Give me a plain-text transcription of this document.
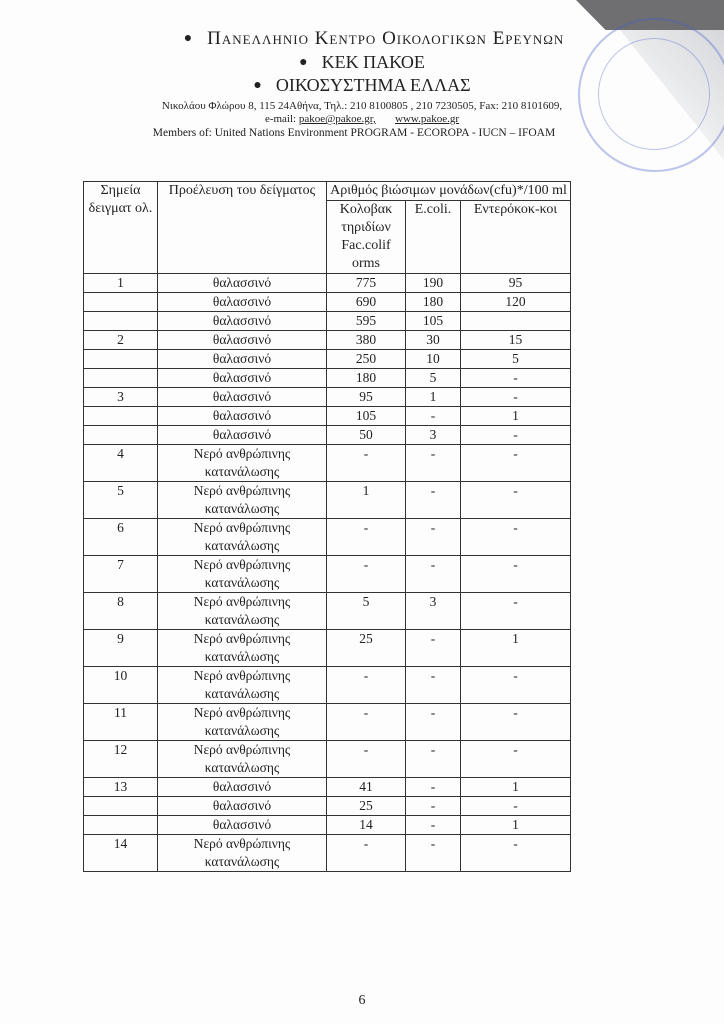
● Πανελληνιο Κεντρο Οικολογικων Ερευνων
● ΚΕΚ ΠΑΚΟΕ
● ΟΙΚΟΣΥΣΤΗΜΑ ΕΛΛΑΣ
Νικολάου Φλώρου 8, 115 24Αθήνα, Τηλ.: 210 8100805 , 210 7230505, Fax: 210 8101609,
e-mail: pakoe@pakoe.gr, www.pakoe.gr
Members of: United Nations Environment PROGRAM - ECOROPA - IUCN – IFOAM
Σημεία δειγματ ολ.	Προέλευση του δείγματος	Αριθμός βιώσιμων μονάδων(cfu)*/100 ml		
		Κολοβακ τηριδίων Fac.colif orms	E.coli.	Εντερόκοκ-κοι
1	θαλασσινό	775	190	95
	θαλασσινό	690	180	120
	θαλασσινό	595	105	
2	θαλασσινό	380	30	15
	θαλασσινό	250	10	5
	θαλασσινό	180	5	-
3	θαλασσινό	95	1	-
	θαλασσινό	105	-	1
	θαλασσινό	50	3	-
4	Νερό ανθρώπινης κατανάλωσης	-	-	-
5	Νερό ανθρώπινης κατανάλωσης	1	-	-
6	Νερό ανθρώπινης κατανάλωσης	-	-	-
7	Νερό ανθρώπινης κατανάλωσης	-	-	-
8	Νερό ανθρώπινης κατανάλωσης	5	3	-
9	Νερό ανθρώπινης κατανάλωσης	25	-	1
10	Νερό ανθρώπινης κατανάλωσης	-	-	-
11	Νερό ανθρώπινης κατανάλωσης	-	-	-
12	Νερό ανθρώπινης κατανάλωσης	-	-	-
13	θαλασσινό	41	-	1
	θαλασσινό	25	-	-
	θαλασσινό	14	-	1
14	Νερό ανθρώπινης κατανάλωσης	-	-	-
6
